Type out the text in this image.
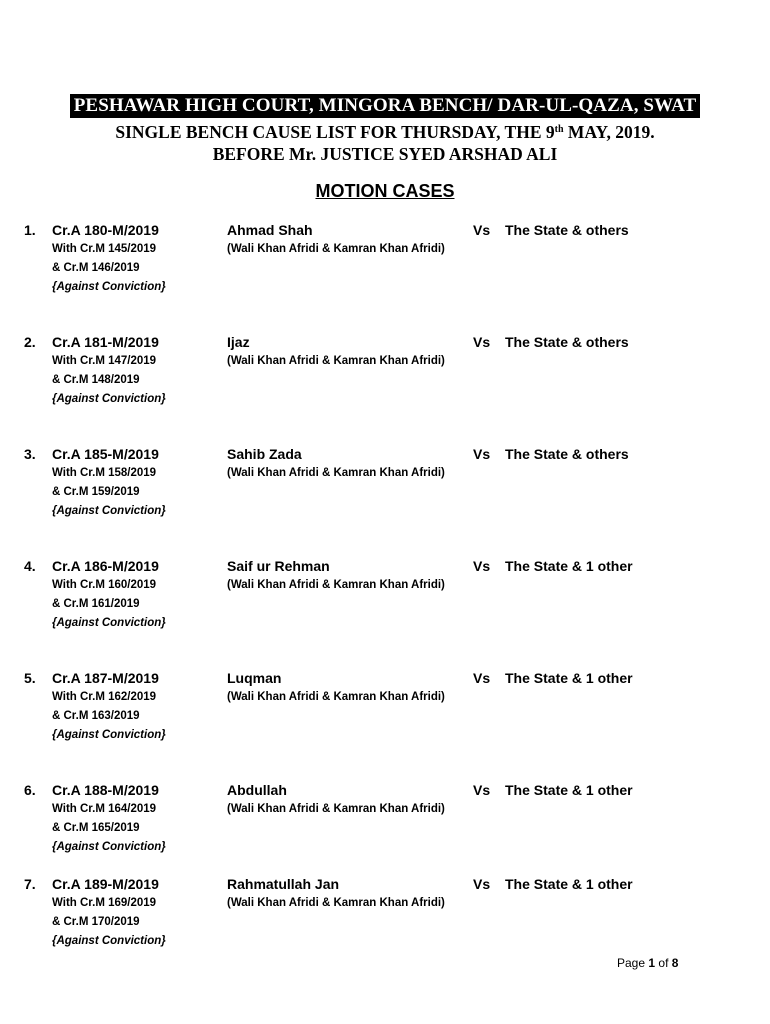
PESHAWAR HIGH COURT, MINGORA BENCH/ DAR-UL-QAZA, SWAT
SINGLE BENCH CAUSE LIST FOR THURSDAY, THE 9th MAY, 2019.
BEFORE Mr. JUSTICE SYED ARSHAD ALI
MOTION CASES
1. Cr.A 180-M/2019
With Cr.M 145/2019
& Cr.M 146/2019
{Against Conviction}
Ahmad Shah
(Wali Khan Afridi & Kamran Khan Afridi)
Vs The State & others
2. Cr.A 181-M/2019
With Cr.M 147/2019
& Cr.M 148/2019
{Against Conviction}
Ijaz
(Wali Khan Afridi & Kamran Khan Afridi)
Vs The State & others
3. Cr.A 185-M/2019
With Cr.M 158/2019
& Cr.M 159/2019
{Against Conviction}
Sahib Zada
(Wali Khan Afridi & Kamran Khan Afridi)
Vs The State & others
4. Cr.A 186-M/2019
With Cr.M 160/2019
& Cr.M 161/2019
{Against Conviction}
Saif ur Rehman
(Wali Khan Afridi & Kamran Khan Afridi)
Vs The State & 1 other
5. Cr.A 187-M/2019
With Cr.M 162/2019
& Cr.M 163/2019
{Against Conviction}
Luqman
(Wali Khan Afridi & Kamran Khan Afridi)
Vs The State & 1 other
6. Cr.A 188-M/2019
With Cr.M 164/2019
& Cr.M 165/2019
{Against Conviction}
Abdullah
(Wali Khan Afridi & Kamran Khan Afridi)
Vs The State & 1 other
7. Cr.A 189-M/2019
With Cr.M 169/2019
& Cr.M 170/2019
{Against Conviction}
Rahmatullah Jan
(Wali Khan Afridi & Kamran Khan Afridi)
Vs The State & 1 other
Page 1 of 8
